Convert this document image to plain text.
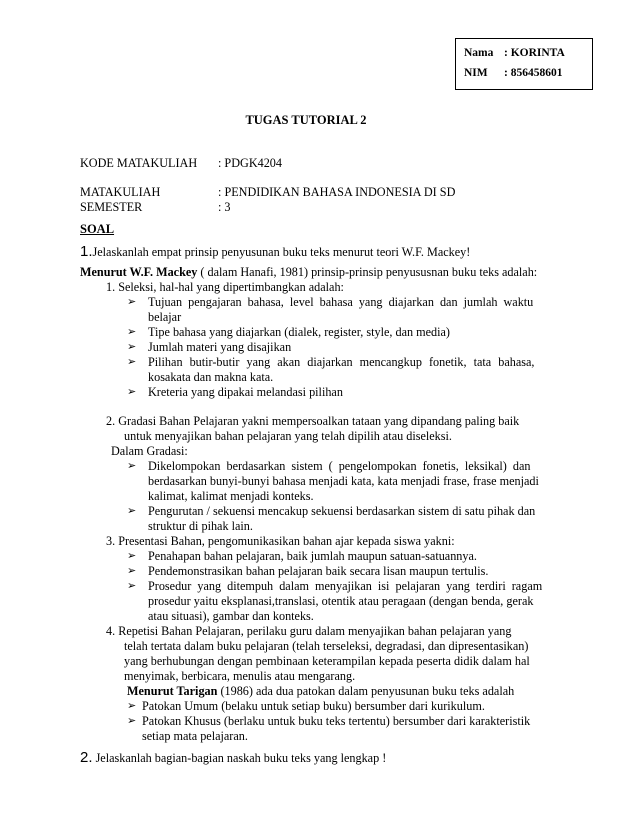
Nama : KORINTA
NIM : 856458601
TUGAS TUTORIAL 2
KODE MATAKULIAH : PDGK4204
MATAKULIAH	: PENDIDIKAN BAHASA INDONESIA DI SD
SEMESTER	: 3
SOAL
1.Jelaskanlah empat prinsip penyusunan buku teks menurut teori W.F. Mackey!
Menurut W.F. Mackey ( dalam Hanafi, 1981) prinsip-prinsip penyususnan buku teks adalah:
1. Seleksi, hal-hal yang dipertimbangkan adalah:
➢ Tujuan pengajaran bahasa, level bahasa yang diajarkan dan jumlah waktu
belajar
➢ Tipe bahasa yang diajarkan (dialek, register, style, dan media)
➢ Jumlah materi yang disajikan
➢ Pilihan butir-butir yang akan diajarkan mencangkup fonetik, tata bahasa,
kosakata dan makna kata.
➢ Kreteria yang dipakai melandasi pilihan
2. Gradasi Bahan Pelajaran yakni mempersoalkan tataan yang dipandang paling baik
untuk menyajikan bahan pelajaran yang telah dipilih atau diseleksi.
Dalam Gradasi:
➢ Dikelompokan berdasarkan sistem ( pengelompokan fonetis, leksikal) dan
berdasarkan bunyi-bunyi bahasa menjadi kata, kata menjadi frase, frase menjadi
kalimat, kalimat menjadi konteks.
➢ Pengurutan / sekuensi mencakup sekuensi berdasarkan sistem di satu pihak dan
struktur di pihak lain.
3. Presentasi Bahan, pengomunikasikan bahan ajar kepada siswa yakni:
➢ Penahapan bahan pelajaran, baik jumlah maupun satuan-satuannya.
➢ Pendemonstrasikan bahan pelajaran baik secara lisan maupun tertulis.
➢ Prosedur yang ditempuh dalam menyajikan isi pelajaran yang terdiri ragam
prosedur yaitu eksplanasi,translasi, otentik atau peragaan (dengan benda, gerak
atau situasi), gambar dan konteks.
4. Repetisi Bahan Pelajaran, perilaku guru dalam menyajikan bahan pelajaran yang
telah tertata dalam buku pelajaran (telah terseleksi, degradasi, dan dipresentasikan)
yang berhubungan dengan pembinaan keterampilan kepada peserta didik dalam hal
menyimak, berbicara, menulis atau mengarang.
Menurut Tarigan (1986) ada dua patokan dalam penyusunan buku teks adalah
➢ Patokan Umum (belaku untuk setiap buku) bersumber dari kurikulum.
➢ Patokan Khusus (berlaku untuk buku teks tertentu) bersumber dari karakteristik
setiap mata pelajaran.
2. Jelaskanlah bagian-bagian naskah buku teks yang lengkap !
